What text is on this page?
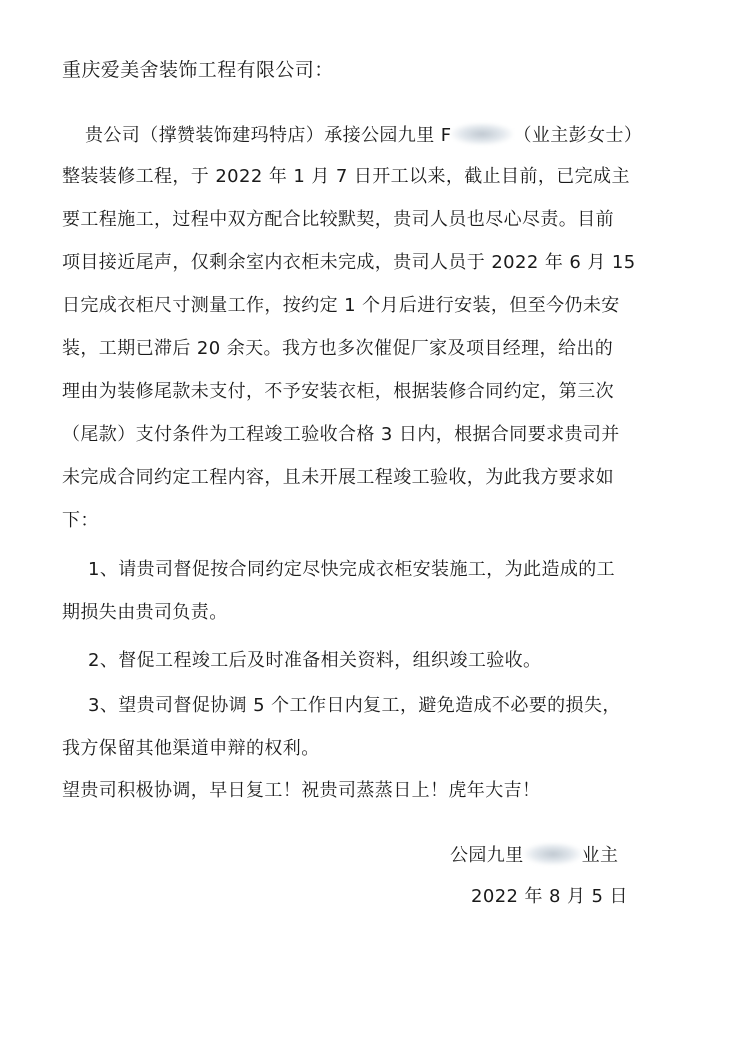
重庆爱美舍装饰工程有限公司：
贵公司（撑赞装饰建玛特店）承接公园九里 F	（业主彭女士）
整装装修工程，于 2022 年 1 月 7 日开工以来，截止目前，已完成主
要工程施工，过程中双方配合比较默契，贵司人员也尽心尽责。目前
项目接近尾声，仅剩余室内衣柜未完成，贵司人员于 2022 年 6 月 15
日完成衣柜尺寸测量工作，按约定 1 个月后进行安装，但至今仍未安
装，工期已滞后 20 余天。我方也多次催促厂家及项目经理，给出的
理由为装修尾款未支付，不予安装衣柜，根据装修合同约定，第三次
（尾款）支付条件为工程竣工验收合格 3 日内，根据合同要求贵司并
未完成合同约定工程内容，且未开展工程竣工验收，为此我方要求如
下：
1、请贵司督促按合同约定尽快完成衣柜安装施工，为此造成的工
期损失由贵司负责。
2、督促工程竣工后及时准备相关资料，组织竣工验收。
3、望贵司督促协调 5 个工作日内复工，避免造成不必要的损失，
我方保留其他渠道申辩的权利。
望贵司积极协调，早日复工！祝贵司蒸蒸日上！虎年大吉！
公园九里	业主
2022 年 8 月 5 日
